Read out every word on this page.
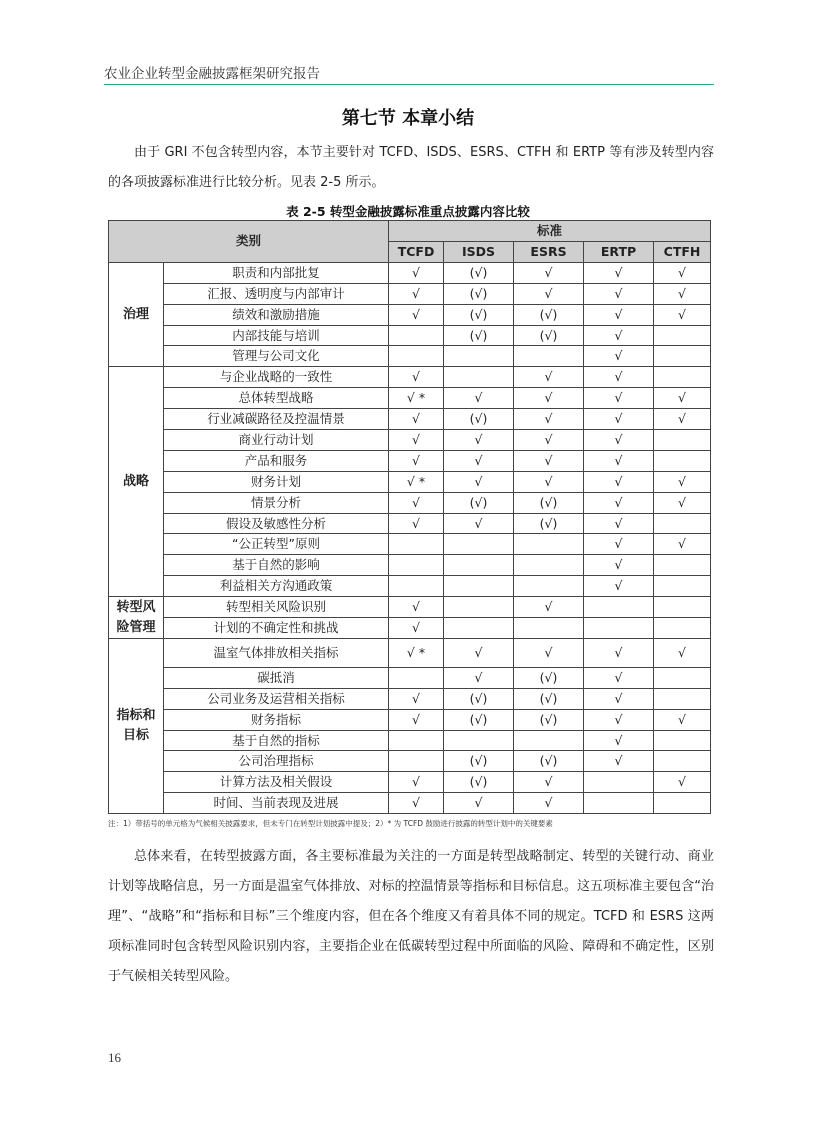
农业企业转型金融披露框架研究报告
第七节 本章小结

由于 GRI 不包含转型内容，本节主要针对 TCFD、ISDS、ESRS、CTFH 和 ERTP 等有涉及转型内容的各项披露标准进行比较分析。见表 2-5 所示。

表 2-5 转型金融披露标准重点披露内容比较
类别		标准				
		TCFD	ISDS	ESRS	ERTP	CTFH
治理	职责和内部批复	√	(√)	√	√	√
	汇报、透明度与内部审计	√	(√)	√	√	√
	绩效和激励措施	√	(√)	(√)	√	√
	内部技能与培训		(√)	(√)	√	
	管理与公司文化				√	
战略	与企业战略的一致性	√		√	√	
	总体转型战略	√ *	√	√	√	√
	行业减碳路径及控温情景	√	(√)	√	√	√
	商业行动计划	√	√	√	√	
	产品和服务	√	√	√	√	
	财务计划	√ *	√	√	√	√
	情景分析	√	(√)	(√)	√	√
	假设及敏感性分析	√	√	(√)	√	
	“公正转型”原则				√	√
	基于自然的影响				√	
	利益相关方沟通政策				√	

转型风
险管理	转型相关风险识别	√		√		
	计划的不确定性和挑战	√				

指标和
目标	温室气体排放相关指标	√ *	√	√	√	√
	碳抵消		√	(√)	√	
	公司业务及运营相关指标	√	(√)	(√)	√	
	财务指标	√	(√)	(√)	√	√
	基于自然的指标				√	
	公司治理指标		(√)	(√)	√	
	计算方法及相关假设	√	(√)	√		√
	时间、当前表现及进展	√	√	√		
注：1）带括号的单元格为气候相关披露要求，但未专门在转型计划披露中提及；2）* 为 TCFD 鼓励进行披露的转型计划中的关键要素

总体来看，在转型披露方面，各主要标准最为关注的一方面是转型战略制定、转型的关键行动、商业计划等战略信息，另一方面是温室气体排放、对标的控温情景等指标和目标信息。这五项标准主要包含“治理”、“战略”和“指标和目标”三个维度内容，但在各个维度又有着具体不同的规定。TCFD 和 ESRS 这两项标准同时包含转型风险识别内容，主要指企业在低碳转型过程中所面临的风险、障碍和不确定性，区别于气候相关转型风险。

16
